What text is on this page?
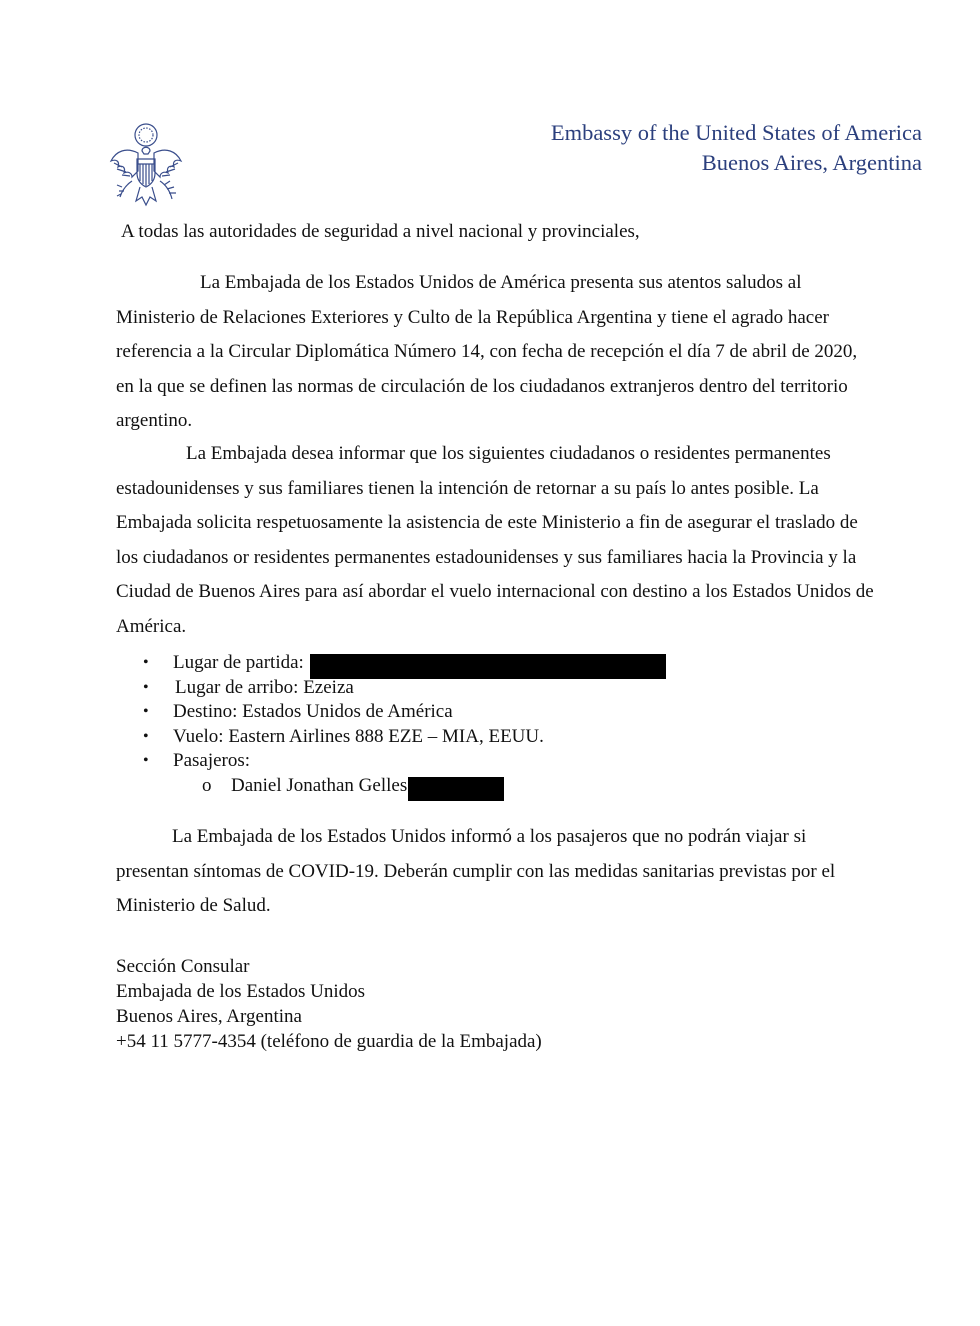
Embassy of the United States of America
Buenos Aires, Argentina
A todas las autoridades de seguridad a nivel nacional y provinciales,

La Embajada de los Estados Unidos de América presenta sus atentos saludos al Ministerio de Relaciones Exteriores y Culto de la República Argentina y tiene el agrado hacer referencia a la Circular Diplomática Número 14, con fecha de recepción el día 7 de abril de 2020, en la que se definen las normas de circulación de los ciudadanos extranjeros dentro del territorio argentino.

La Embajada desea informar que los siguientes ciudadanos o residentes permanentes estadounidenses y sus familiares tienen la intención de retornar a su país lo antes posible. La Embajada solicita respetuosamente la asistencia de este Ministerio a fin de asegurar el traslado de los ciudadanos or residentes permanentes estadounidenses y sus familiares hacia la Provincia y la Ciudad de Buenos Aires para así abordar el vuelo internacional con destino a los Estados Unidos de América.

• Lugar de partida:
• Lugar de arribo: Ezeiza
• Destino: Estados Unidos de América
• Vuelo: Eastern Airlines 888 EZE – MIA, EEUU.
• Pasajeros:
o Daniel Jonathan Gelles

La Embajada de los Estados Unidos informó a los pasajeros que no podrán viajar si presentan síntomas de COVID-19. Deberán cumplir con las medidas sanitarias previstas por el Ministerio de Salud.

Sección Consular
Embajada de los Estados Unidos
Buenos Aires, Argentina
+54 11 5777-4354 (teléfono de guardia de la Embajada)
